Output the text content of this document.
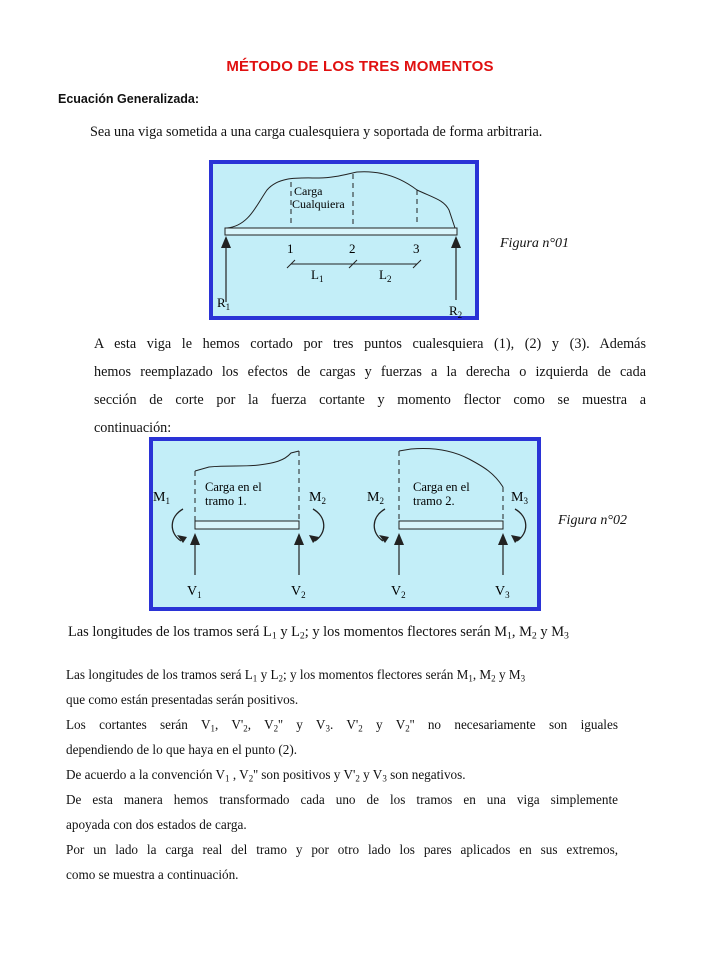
MÉTODO DE LOS TRES MOMENTOS
Ecuación Generalizada:
Sea una viga sometida a una carga cualesquiera y soportada de forma arbitraria.
Carga
Cualquiera
1	2	3
$L_1$	$L_2$
$R_1$	$R_2$
Figura n°01
A esta viga le hemos cortado por tres puntos cualesquiera (1), (2) y (3). Además
hemos reemplazado los efectos de cargas y fuerzas a la derecha o izquierda de cada
sección de corte por la fuerza cortante y momento flector como se muestra a
continuación:
Carga en el
tramo 1.
Carga en el
tramo 2.
$M_1$	$M_2$	$M_2$	$M_3$
$V_1$	$V_2$	$V_2$	$V_3$
Figura n°02
Las longitudes de los tramos será $L_1$ y $L_2$; y los momentos flectores serán $M_1$, $M_2$ y $M_3$
Las longitudes de los tramos será $L_1$ y $L_2$; y los momentos flectores serán $M_1$, $M_2$ y $M_3$
que como están presentadas serán positivos.
Los cortantes serán $V_1$, $V'_2$, $V_2''$ y $V_3$. $V'_2$ y $V_2''$ no necesariamente son iguales
dependiendo de lo que haya en el punto (2).
De acuerdo a la convención $V_1$ , $V_2''$ son positivos y $V'_2$ y $V_3$ son negativos.
De esta manera hemos transformado cada uno de los tramos en una viga simplemente
apoyada con dos estados de carga.
Por un lado la carga real del tramo y por otro lado los pares aplicados en sus extremos,
como se muestra a continuación.
